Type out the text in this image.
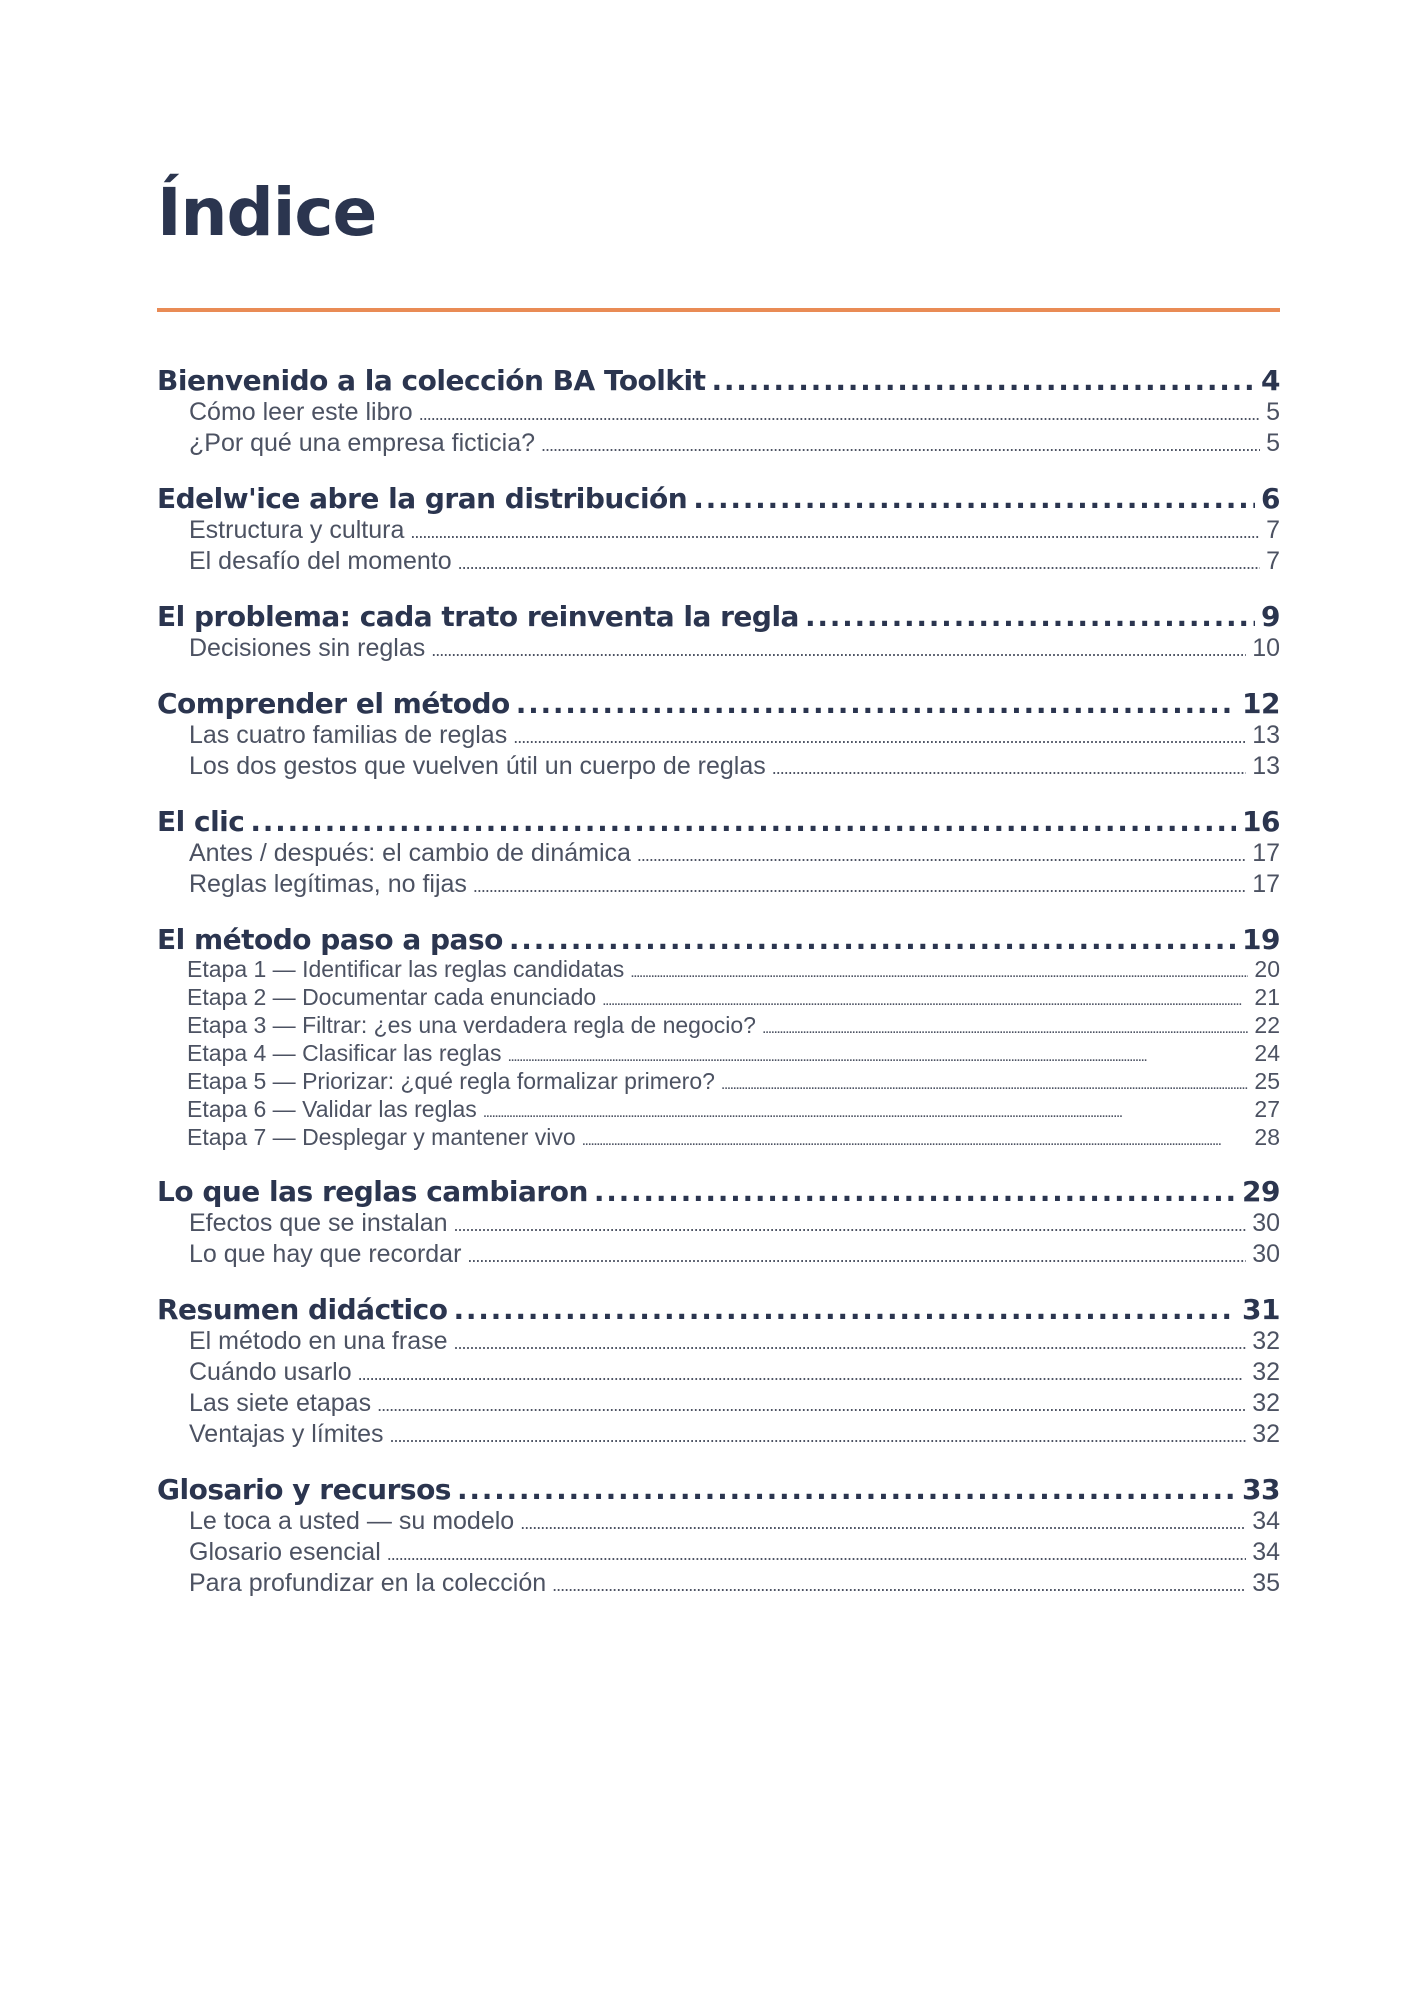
Índice
Bienvenido a la colección BA Toolkit . . .	4
Cómo leer este libro . . .	5
¿Por qué una empresa ficticia? . . .	5
Edelw'ice abre la gran distribución . . .	6
Estructura y cultura . . .	7
El desafío del momento . . .	7
El problema: cada trato reinventa la regla . . .	9
Decisiones sin reglas . . .	10
Comprender el método . . .	12
Las cuatro familias de reglas . . .	13
Los dos gestos que vuelven útil un cuerpo de reglas . . .	13
El clic . . .	16
Antes / después: el cambio de dinámica . . .	17
Reglas legítimas, no fijas . . .	17
El método paso a paso . . .	19
Etapa 1 — Identificar las reglas candidatas . . .	20
Etapa 2 — Documentar cada enunciado . . .	21
Etapa 3 — Filtrar: ¿es una verdadera regla de negocio? . . .	22
Etapa 4 — Clasificar las reglas . . .	24
Etapa 5 — Priorizar: ¿qué regla formalizar primero? . . .	25
Etapa 6 — Validar las reglas . . .	27
Etapa 7 — Desplegar y mantener vivo . . .	28
Lo que las reglas cambiaron . . .	29
Efectos que se instalan . . .	30
Lo que hay que recordar . . .	30
Resumen didáctico . . .	31
El método en una frase . . .	32
Cuándo usarlo . . .	32
Las siete etapas . . .	32
Ventajas y límites . . .	32
Glosario y recursos . . .	33
Le toca a usted — su modelo . . .	34
Glosario esencial . . .	34
Para profundizar en la colección . . .	35
